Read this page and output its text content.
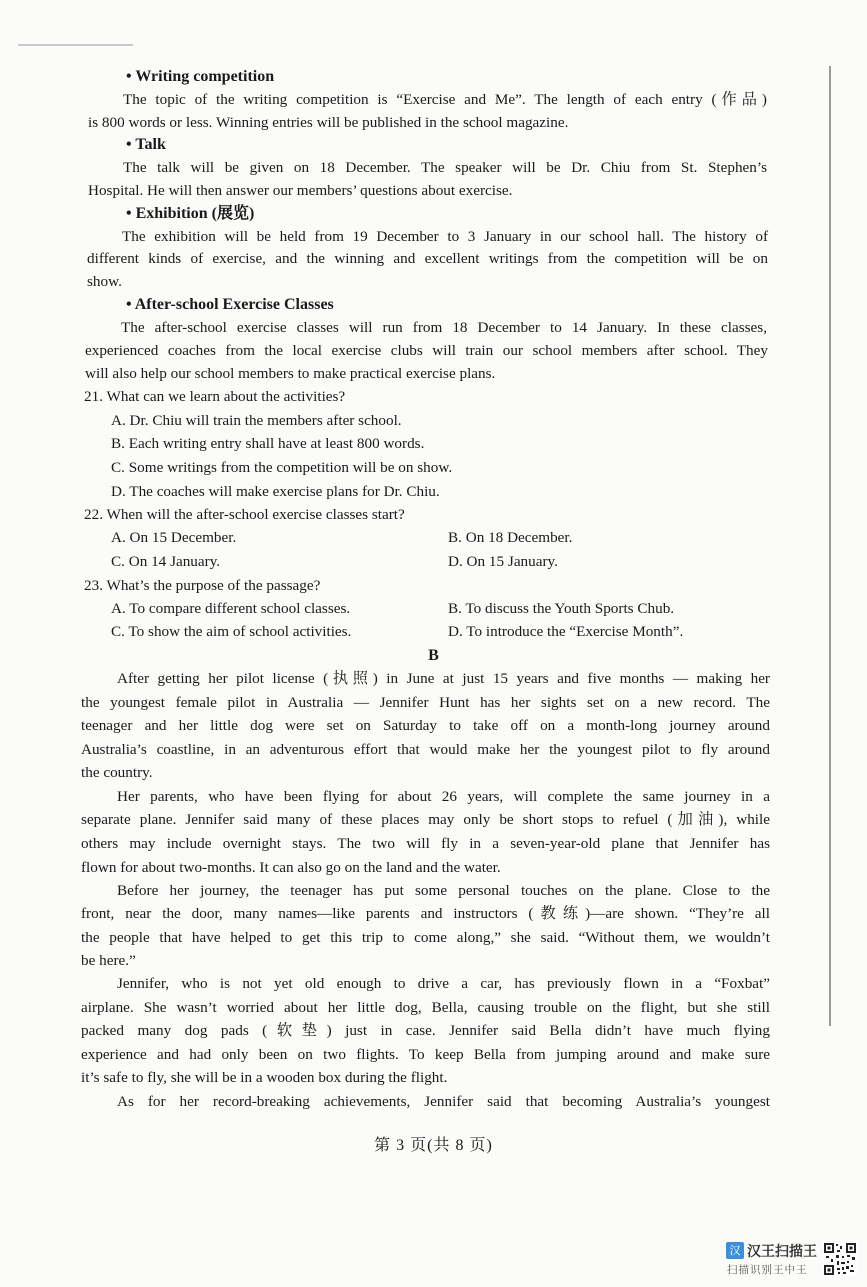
• Writing competition
The topic of the writing competition is “Exercise and Me”. The length of each entry (作品)
is 800 words or less. Winning entries will be published in the school magazine.
• Talk
The talk will be given on 18 December. The speaker will be Dr. Chiu from St. Stephen’s
Hospital. He will then answer our members’ questions about exercise.
• Exhibition (展览)
The exhibition will be held from 19 December to 3 January in our school hall. The history of
different kinds of exercise, and the winning and excellent writings from the competition will be on
show.
• After-school Exercise Classes
The after-school exercise classes will run from 18 December to 14 January. In these classes,
experienced coaches from the local exercise clubs will train our school members after school. They
will also help our school members to make practical exercise plans.
21. What can we learn about the activities?
A. Dr. Chiu will train the members after school.
B. Each writing entry shall have at least 800 words.
C. Some writings from the competition will be on show.
D. The coaches will make exercise plans for Dr. Chiu.
22. When will the after-school exercise classes start?
A. On 15 December.	B. On 18 December.
C. On 14 January.	D. On 15 January.
23. What’s the purpose of the passage?
A. To compare different school classes.	B. To discuss the Youth Sports Chub.
C. To show the aim of school activities.	D. To introduce the “Exercise Month”.
B
After getting her pilot license (执照) in June at just 15 years and five months — making her
the youngest female pilot in Australia — Jennifer Hunt has her sights set on a new record. The
teenager and her little dog were set on Saturday to take off on a month-long journey around
Australia’s coastline, in an adventurous effort that would make her the youngest pilot to fly around
the country.
Her parents, who have been flying for about 26 years, will complete the same journey in a
separate plane. Jennifer said many of these places may only be short stops to refuel (加油), while
others may include overnight stays. The two will fly in a seven-year-old plane that Jennifer has
flown for about two-months. It can also go on the land and the water.
Before her journey, the teenager has put some personal touches on the plane. Close to the
front, near the door, many names—like parents and instructors (教练)—are shown. “They’re all
the people that have helped to get this trip to come along,” she said. “Without them, we wouldn’t
be here.”
Jennifer, who is not yet old enough to drive a car, has previously flown in a “Foxbat”
airplane. She wasn’t worried about her little dog, Bella, causing trouble on the flight, but she still
packed many dog pads (软垫) just in case. Jennifer said Bella didn’t have much flying
experience and had only been on two flights. To keep Bella from jumping around and make sure
it’s safe to fly, she will be in a wooden box during the flight.
As for her record-breaking achievements, Jennifer said that becoming Australia’s youngest
第 3 页(共 8 页)
汉 汉王扫描王
扫描识别王中王
